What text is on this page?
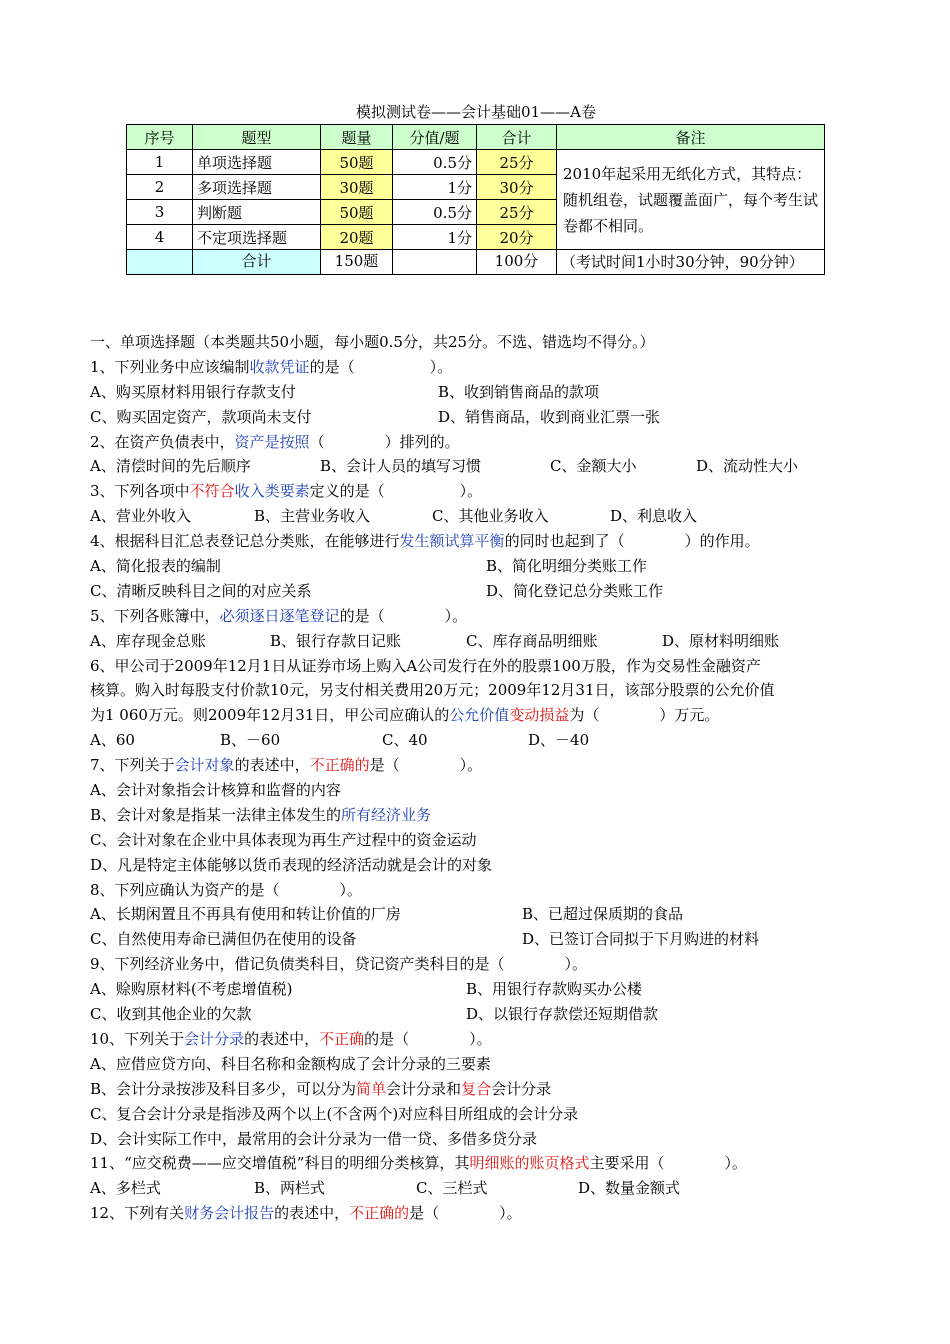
模拟测试卷——会计基础01——A卷
序号	题型	题量	分值/题	合计	备注
1	单项选择题	50题	0.5分	25分	2010年起采用无纸化方式，其特点：随机组卷，试题覆盖面广，每个考生试卷都不相同。
2	多项选择题	30题	1分	30分	
3	判断题	50题	0.5分	25分	
4	不定项选择题	20题	1分	20分	
	合计	150题		100分	（考试时间1小时30分钟，90分钟）
一、单项选择题（本类题共50小题，每小题0.5分，共25分。不选、错选均不得分。）
1、下列业务中应该编制收款凭证的是（　　　　　）。
A、购买原材料用银行存款支付	B、收到销售商品的款项
C、购买固定资产，款项尚未支付	D、销售商品，收到商业汇票一张
2、在资产负债表中，资产是按照（　　　　）排列的。
A、清偿时间的先后顺序	B、会计人员的填写习惯	C、金额大小	D、流动性大小
3、下列各项中不符合收入类要素定义的是（　　　　　）。
A、营业外收入	B、主营业务收入	C、其他业务收入	D、利息收入
4、根据科目汇总表登记总分类账，在能够进行发生额试算平衡的同时也起到了（　　　　）的作用。
A、简化报表的编制	B、简化明细分类账工作
C、清晰反映科目之间的对应关系	D、简化登记总分类账工作
5、下列各账簿中，必须逐日逐笔登记的是（　　　　）。
A、库存现金总账	B、银行存款日记账	C、库存商品明细账	D、原材料明细账
6、甲公司于2009年12月1日从证券市场上购入A公司发行在外的股票100万股，作为交易性金融资产
核算。购入时每股支付价款10元，另支付相关费用20万元；2009年12月31日，该部分股票的公允价值
为1 060万元。则2009年12月31日，甲公司应确认的公允价值变动损益为（　　　　）万元。
A、60	B、－60	C、40	D、－40
7、下列关于会计对象的表述中，不正确的是（　　　　）。
A、会计对象指会计核算和监督的内容
B、会计对象是指某一法律主体发生的所有经济业务
C、会计对象在企业中具体表现为再生产过程中的资金运动
D、凡是特定主体能够以货币表现的经济活动就是会计的对象
8、下列应确认为资产的是（　　　　）。
A、长期闲置且不再具有使用和转让价值的厂房	B、已超过保质期的食品
C、自然使用寿命已满但仍在使用的设备	D、已签订合同拟于下月购进的材料
9、下列经济业务中，借记负债类科目，贷记资产类科目的是（　　　　）。
A、赊购原材料(不考虑增值税)	B、用银行存款购买办公楼
C、收到其他企业的欠款	D、以银行存款偿还短期借款
10、下列关于会计分录的表述中，不正确的是（　　　　）。
A、应借应贷方向、科目名称和金额构成了会计分录的三要素
B、会计分录按涉及科目多少，可以分为简单会计分录和复合会计分录
C、复合会计分录是指涉及两个以上(不含两个)对应科目所组成的会计分录
D、会计实际工作中，最常用的会计分录为一借一贷、多借多贷分录
11、“应交税费——应交增值税”科目的明细分类核算，其明细账的账页格式主要采用（　　　　）。
A、多栏式	B、两栏式	C、三栏式	D、数量金额式
12、下列有关财务会计报告的表述中，不正确的是（　　　　）。
